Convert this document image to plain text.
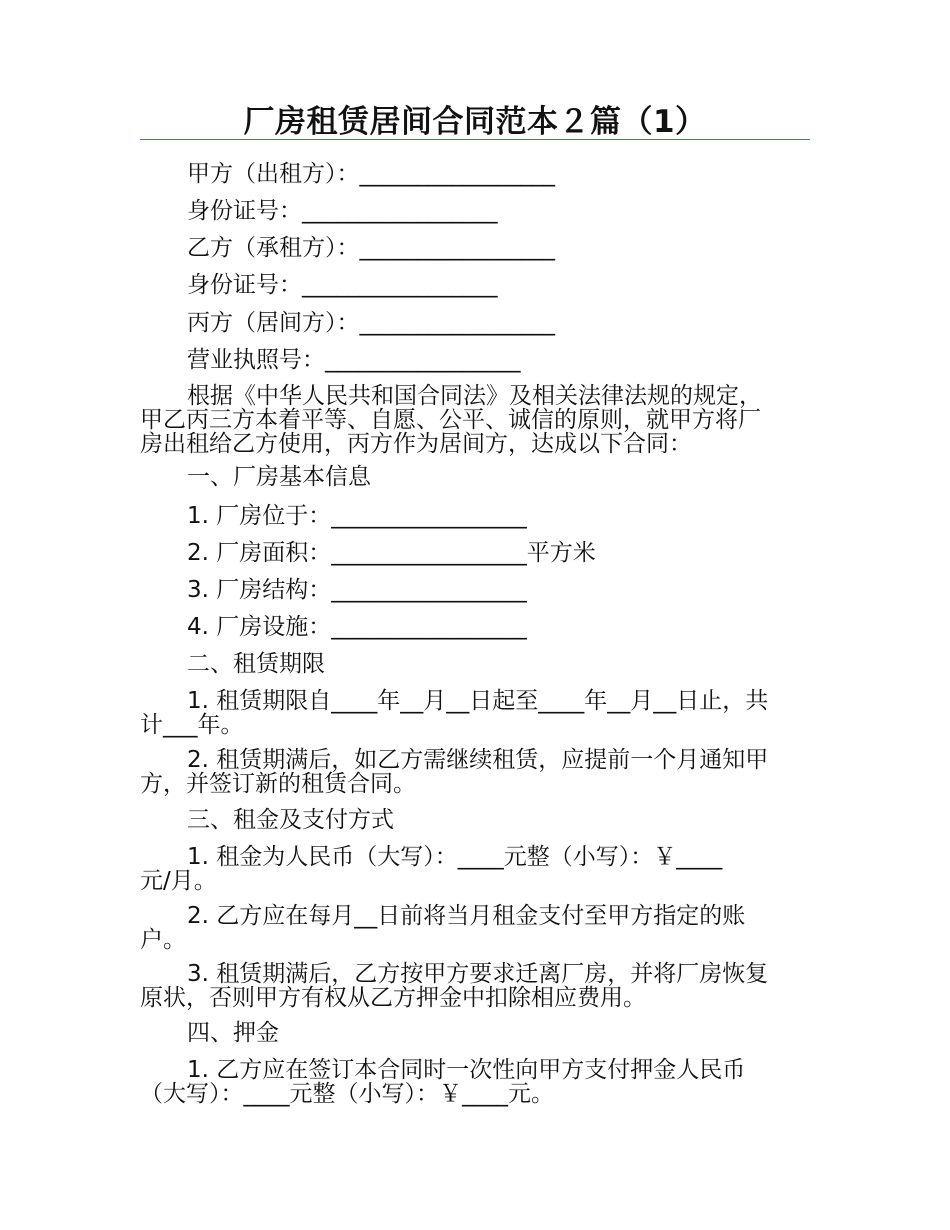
厂房租赁居间合同范本２篇（1）
甲方（出租方）：_________________
身份证号：_________________
乙方（承租方）：_________________
身份证号：_________________
丙方（居间方）：_________________
营业执照号：_________________
根据《中华人民共和国合同法》及相关法律法规的规定，
甲乙丙三方本着平等、自愿、公平、诚信的原则，就甲方将厂
房出租给乙方使用，丙方作为居间方，达成以下合同：
一、厂房基本信息
1. 厂房位于：_________________
2. 厂房面积：_________________平方米
3. 厂房结构：_________________
4. 厂房设施：_________________
二、租赁期限
1. 租赁期限自____年__月__日起至____年__月__日止，共
计___年。
2. 租赁期满后，如乙方需继续租赁，应提前一个月通知甲
方，并签订新的租赁合同。
三、租金及支付方式
1. 租金为人民币（大写）：____元整（小写）：￥____
元/月。
2. 乙方应在每月__日前将当月租金支付至甲方指定的账
户。
3. 租赁期满后，乙方按甲方要求迁离厂房，并将厂房恢复
原状，否则甲方有权从乙方押金中扣除相应费用。
四、押金
1. 乙方应在签订本合同时一次性向甲方支付押金人民币
（大写）：____元整（小写）：￥____元。
